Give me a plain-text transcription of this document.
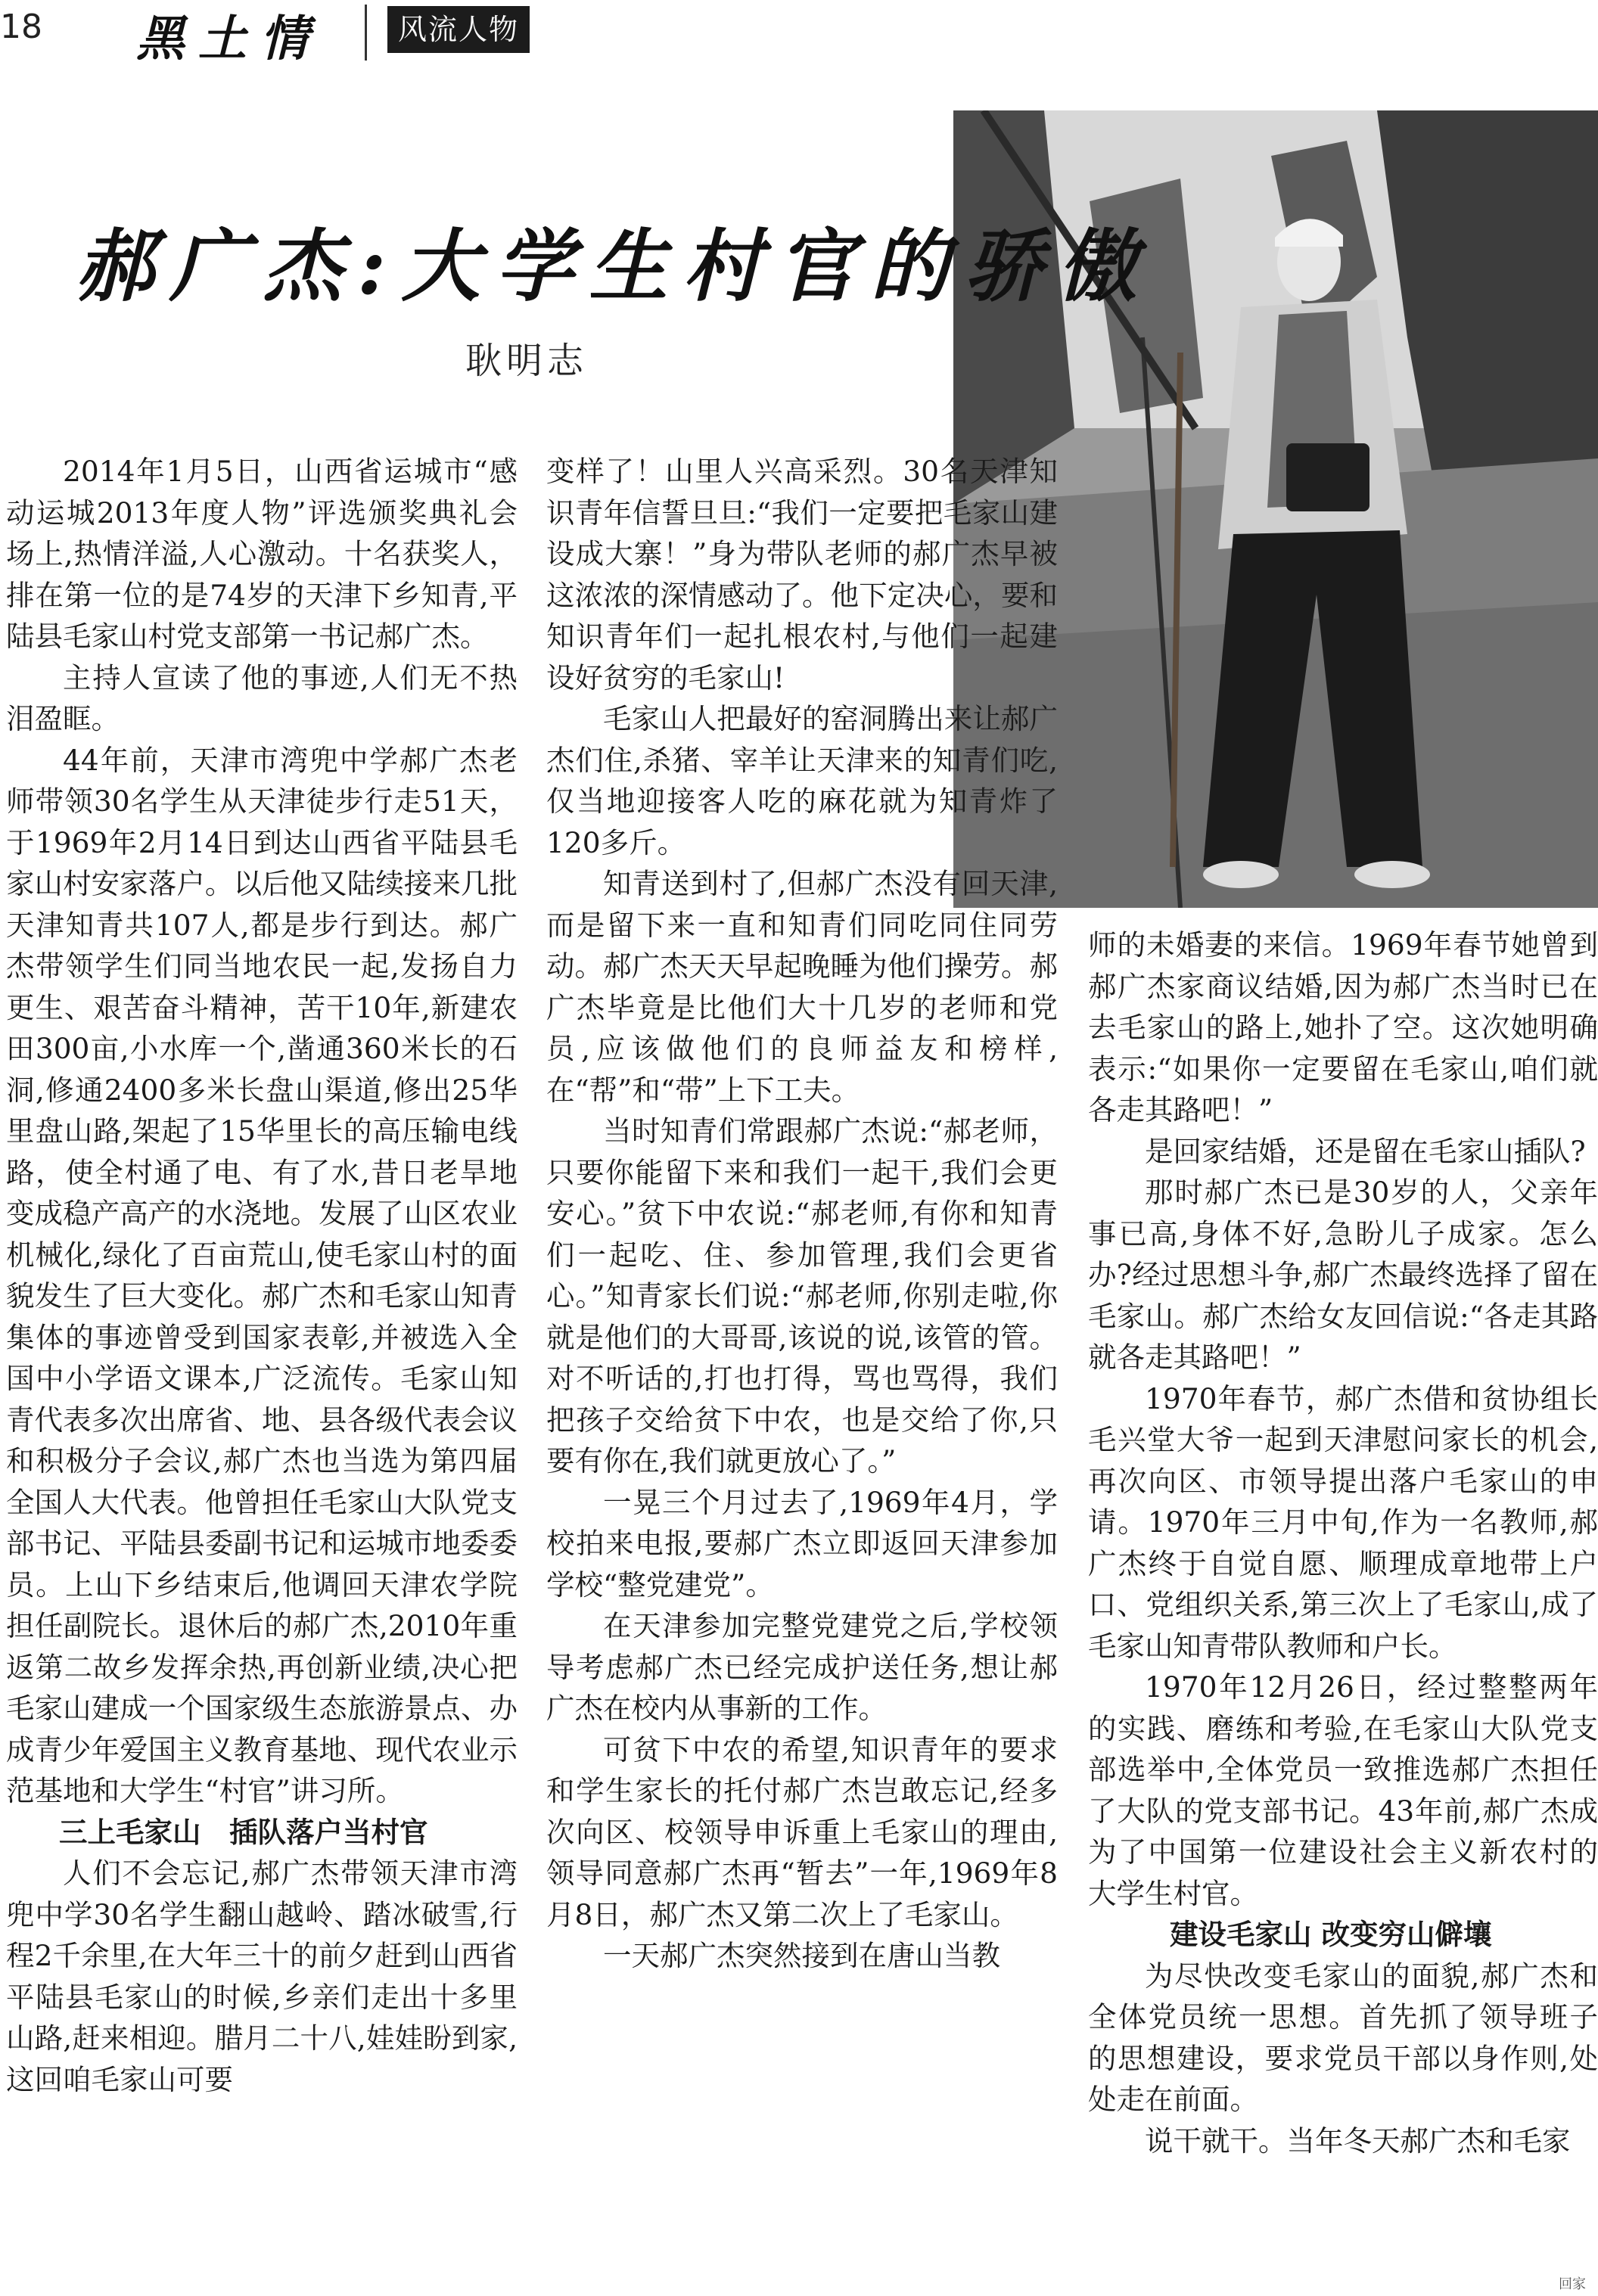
18 黑土情	风流人物
郝广杰:大学生村官的骄傲
耿明志

2014年1月5日，山西省运城市“感动运城2013年度人物”评选颁奖典礼会场上,热情洋溢,人心激动。十名获奖人，排在第一位的是74岁的天津下乡知青,平陆县毛家山村党支部第一书记郝广杰。

主持人宣读了他的事迹,人们无不热泪盈眶。

44年前，天津市湾兜中学郝广杰老师带领30名学生从天津徒步行走51天，于1969年2月14日到达山西省平陆县毛家山村安家落户。以后他又陆续接来几批天津知青共107人,都是步行到达。郝广杰带领学生们同当地农民一起,发扬自力更生、艰苦奋斗精神，苦干10年,新建农田300亩,小水库一个,凿通360米长的石洞,修通2400多米长盘山渠道,修出25华里盘山路,架起了15华里长的高压输电线路，使全村通了电、有了水,昔日老旱地变成稳产高产的水浇地。发展了山区农业机械化,绿化了百亩荒山,使毛家山村的面貌发生了巨大变化。郝广杰和毛家山知青集体的事迹曾受到国家表彰,并被选入全国中小学语文课本,广泛流传。毛家山知青代表多次出席省、地、县各级代表会议和积极分子会议,郝广杰也当选为第四届全国人大代表。他曾担任毛家山大队党支部书记、平陆县委副书记和运城市地委委员。上山下乡结束后,他调回天津农学院担任副院长。退休后的郝广杰,2010年重返第二故乡发挥余热,再创新业绩,决心把毛家山建成一个国家级生态旅游景点、办成青少年爱国主义教育基地、现代农业示范基地和大学生“村官”讲习所。

三上毛家山　插队落户当村官

人们不会忘记,郝广杰带领天津市湾兜中学30名学生翻山越岭、踏冰破雪,行程2千余里,在大年三十的前夕赶到山西省平陆县毛家山的时候,乡亲们走出十多里山路,赶来相迎。腊月二十八,娃娃盼到家,这回咱毛家山可要

变样了！山里人兴高采烈。30名天津知识青年信誓旦旦:“我们一定要把毛家山建设成大寨！”身为带队老师的郝广杰早被这浓浓的深情感动了。他下定决心，要和知识青年们一起扎根农村,与他们一起建设好贫穷的毛家山!

毛家山人把最好的窑洞腾出来让郝广杰们住,杀猪、宰羊让天津来的知青们吃,仅当地迎接客人吃的麻花就为知青炸了120多斤。

知青送到村了,但郝广杰没有回天津,而是留下来一直和知青们同吃同住同劳动。郝广杰天天早起晚睡为他们操劳。郝广杰毕竟是比他们大十几岁的老师和党员,应该做他们的良师益友和榜样,在“帮”和“带”上下工夫。

当时知青们常跟郝广杰说:“郝老师，只要你能留下来和我们一起干,我们会更安心。”贫下中农说:“郝老师,有你和知青们一起吃、住、参加管理,我们会更省心。”知青家长们说:“郝老师,你别走啦,你就是他们的大哥哥,该说的说,该管的管。对不听话的,打也打得，骂也骂得，我们把孩子交给贫下中农，也是交给了你,只要有你在,我们就更放心了。”

一晃三个月过去了,1969年4月，学校拍来电报,要郝广杰立即返回天津参加学校“整党建党”。

在天津参加完整党建党之后,学校领导考虑郝广杰已经完成护送任务,想让郝广杰在校内从事新的工作。

可贫下中农的希望,知识青年的要求和学生家长的托付郝广杰岂敢忘记,经多次向区、校领导申诉重上毛家山的理由,领导同意郝广杰再“暂去”一年,1969年8月8日，郝广杰又第二次上了毛家山。

一天郝广杰突然接到在唐山当教

师的未婚妻的来信。1969年春节她曾到郝广杰家商议结婚,因为郝广杰当时已在去毛家山的路上,她扑了空。这次她明确表示:“如果你一定要留在毛家山,咱们就各走其路吧！”

是回家结婚，还是留在毛家山插队?

那时郝广杰已是30岁的人，父亲年事已高,身体不好,急盼儿子成家。怎么办?经过思想斗争,郝广杰最终选择了留在毛家山。郝广杰给女友回信说:“各走其路就各走其路吧！”

1970年春节，郝广杰借和贫协组长毛兴堂大爷一起到天津慰问家长的机会,再次向区、市领导提出落户毛家山的申请。1970年三月中旬,作为一名教师,郝广杰终于自觉自愿、顺理成章地带上户口、党组织关系,第三次上了毛家山,成了毛家山知青带队教师和户长。

1970年12月26日，经过整整两年的实践、磨练和考验,在毛家山大队党支部选举中,全体党员一致推选郝广杰担任了大队的党支部书记。43年前,郝广杰成为了中国第一位建设社会主义新农村的大学生村官。

建设毛家山 改变穷山僻壤

为尽快改变毛家山的面貌,郝广杰和全体党员统一思想。首先抓了领导班子的思想建设，要求党员干部以身作则,处处走在前面。

说干就干。当年冬天郝广杰和毛家

回家
